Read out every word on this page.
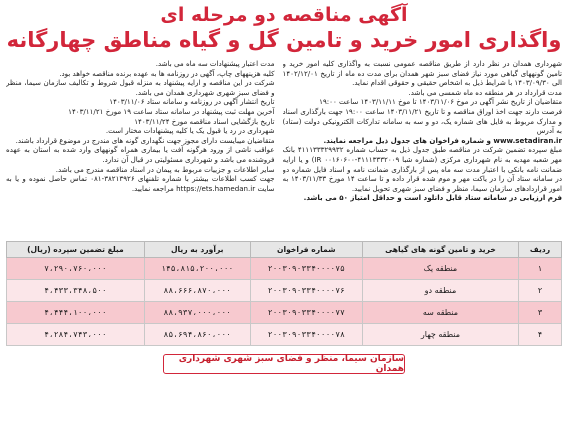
آگهی مناقصه دو مرحله ای
واگذاری امور خرید و تامین گل و گیاه مناطق چهارگانه

شهرداری همدان در نظر دارد از طریق مناقصه عمومی نسبت به واگذاری کلیه امور خرید و تامین گونههای گیاهی مورد نیاز فضای سبز شهر همدان برای مدت ده ماه از تاریخ ۱۴۰۲/۱۲/۰۱ الی ۱۴۰۳/۰۹/۳۰ با شرایط ذیل به اشخاص حقیقی و حقوقی اقدام نماید.

مدت قرارداد در هر منطقه ده ماه شمسی می باشد.

متقاضیان از تاریخ نشر آگهی در موخ ۱۴۰۳/۱۱/۰۶ تا موخ ۱۴۰۳/۱۱/۱۱ ساعت ۱۹:۰۰

فرصت دارند جهت اخذ اوراق مناقصه و تا تاریخ ۱۴۰۳/۱۱/۲۱ ساعت ۱۹:۰۰ جهت بارگذاری اسناد و مدارک مربوط به فایل های شماره یک، دو و سه به سامانه تدارکات الکترونیکی دولت (ستاد) به آدرس

www.setadiran.ir و شماره فراخوان های جدول ذیل مراجعه نمایند.

مبلغ سپرده تضمین شرکت در مناقصه طبق جدول ذیل به حساب شماره ۴۱۱۱۳۳۳۲۹۹۳۲ بانک مهر شعبه مهدیه به نام شهرداری مرکزی (شماره شبا ۴۱۱۱۳۳۳۲۰۰۹-۰۰۱۶۰۶۰۰ IR) و یا ارایه ضمانت نامه بانکی با اعتبار مدت سه ماه پس از بارگذاری ضمانت نامه و اسناد فایل شماره دو در سامانه ستاد آن را در یاکت مهر و موم شده قرار داده و تا ساعت ۱۴ مورخ ۱۴۰۳/۱۱/۳۳ به امور قراردادهای سازمان سیما، منظر و فضای سبز شهری تحویل نمایید.

فرم ارزیابی در سامانه ستاد قابل دانلود است و حداقل امتیاز ۵۰ می باشد.

مدت اعتبار پیشنهادات سه ماه می باشد.

کلیه هزینههای چاپ، آگهی در روزنامه ها به عهده برنده مناقصه خواهد بود.

شرکت در این مناقصه و ارایه پیشنهاد به منزله قبول شروط و تکالیف سازمان سیما، منظر و فضای سبز شهری شهرداری همدان می باشد.

تاریخ انتشار آگهی در روزنامه و سامانه ستاد ۱۴۰۳/۱۱/۰۶

آخرین مهلت ثبت پیشنهاد در سامانه ستاد ساعت ۱۹ مورخ ۱۴۰۳/۱۱/۲۱

تاریخ بازگشایی اسناد مناقصه مورخ ۱۴۰۳/۱۱/۲۴

شهرداری در رد یا قبول یک یا کلیه پیشنهادات مختار است.

متقاضیان میبایست دارای مجوز جهت نگهداری گونه های مندرج در موضوع قرارداد باشند.

عواقب ناشی از ورود هرگونه آفت یا بیماری همراه گونههای وارد شده به استان به عهده فروشنده می باشد و شهرداری مسئولیتی در قبال آن ندارد.

سایر اطلاعات و جزییات مربوط به پیمان در اسناد مناقصه مندرج می باشد.

جهت کسب اطلاعات بیشتر با شماره تلفنهای ۳۸۲۱۳۹۲۶-۰۸۱ تماس حاصل نموده و یا به سایت https://ets.hamedan.ir مراجعه نمایید.

ردیف	خرید و تامین گونه های گیاهی	شماره فراخوان	برآورد به ریال	مبلغ تضمین سپرده (ریال)
۱	منطقه یک	۲۰۰۳۰۹۰۳۳۴۰۰۰۰۷۵	۱۴۵،۸۱۵،۲۰۰،۰۰۰	۷،۲۹۰،۷۶۰،۰۰۰
۲	منطقه دو	۲۰۰۳۰۹۰۳۳۴۰۰۰۰۷۶	۸۸،۶۶۶،۸۷۰،۰۰۰	۴،۴۳۳،۳۴۸،۵۰۰
۳	منطقه سه	۲۰۰۳۰۹۰۳۳۴۰۰۰۰۷۷	۸۸،۹۳۷،۰۰۰،۰۰۰	۴،۴۴۴،۱۰۰،۰۰۰
۴	منطقه چهار	۲۰۰۳۰۹۰۳۳۴۰۰۰۰۷۸	۸۵،۶۹۴،۸۶۰،۰۰۰	۴،۲۸۴،۷۴۳،۰۰۰
سازمان سیما، منظر و فضای سبز شهری شهرداری همدان
